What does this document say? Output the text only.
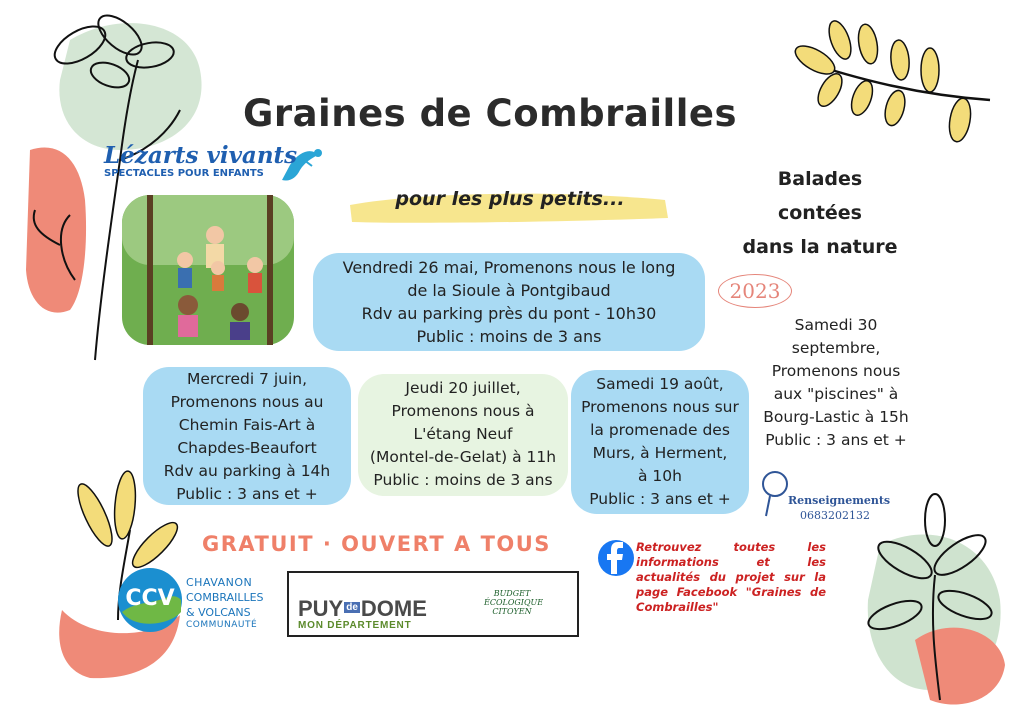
Graines de Combrailles
Lézarts vivants
SPECTACLES POUR ENFANTS
pour les plus petits...
Balades
contées
dans la nature
2023
Vendredi 26 mai, Promenons nous le long
de la Sioule à Pontgibaud
Rdv au parking près du pont - 10h30
Public : moins de 3 ans
Mercredi 7 juin,
Promenons nous au
Chemin Fais-Art à
Chapdes-Beaufort
Rdv au parking à 14h
Public : 3 ans et +
Jeudi 20 juillet,
Promenons nous à
L'étang Neuf
(Montel-de-Gelat) à 11h
Public : moins de 3 ans
Samedi 19 août,
Promenons nous sur
la promenade des
Murs, à Herment,
à 10h
Public : 3 ans et +
Samedi 30
septembre,
Promenons nous
aux "piscines" à
Bourg-Lastic à 15h
Public : 3 ans et +
Renseignements
0683202132
GRATUIT · OUVERT A TOUS	Retrouvez toutes les informations et les actualités du projet sur la page Facebook "Graines de Combrailles"
CCV
CHAVANON
COMBRAILLES
& VOLCANS
COMMUNAUTÉ
PUY $^{de}$ DOME
MON DÉPARTEMENT
BUDGET
ÉCOLOGIQUE
CITOYEN
